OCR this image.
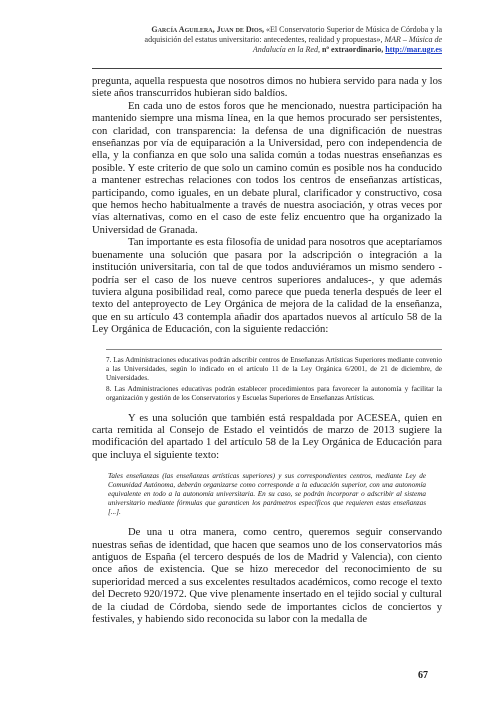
García Aguilera, Juan de Dios, «El Conservatorio Superior de Música de Córdoba y la adquisición del estatus universitario: antecedentes, realidad y propuestas», MAR – Música de Andalucía en la Red, nº extraordinario, http://mar.ugr.es

pregunta, aquella respuesta que nosotros dimos no hubiera servido para nada y los siete años transcurridos hubieran sido baldíos.

En cada uno de estos foros que he mencionado, nuestra participación ha mantenido siempre una misma línea, en la que hemos procurado ser persistentes, con claridad, con transparencia: la defensa de una dignificación de nuestras enseñanzas por vía de equiparación a la Universidad, pero con independencia de ella, y la confianza en que solo una salida común a todas nuestras enseñanzas es posible. Y este criterio de que solo un camino común es posible nos ha conducido a mantener estrechas relaciones con todos los centros de enseñanzas artísticas, participando, como iguales, en un debate plural, clarificador y constructivo, cosa que hemos hecho habitualmente a través de nuestra asociación, y otras veces por vías alternativas, como en el caso de este feliz encuentro que ha organizado la Universidad de Granada.

Tan importante es esta filosofía de unidad para nosotros que aceptaríamos buenamente una solución que pasara por la adscripción o integración a la institución universitaria, con tal de que todos anduviéramos un mismo sendero -podría ser el caso de los nueve centros superiores andaluces-, y que además tuviera alguna posibilidad real, como parece que pueda tenerla después de leer el texto del anteproyecto de Ley Orgánica de mejora de la calidad de la enseñanza, que en su artículo 43 contempla añadir dos apartados nuevos al artículo 58 de la Ley Orgánica de Educación, con la siguiente redacción:

7. Las Administraciones educativas podrán adscribir centros de Enseñanzas Artísticas Superiores mediante convenio a las Universidades, según lo indicado en el artículo 11 de la Ley Orgánica 6/2001, de 21 de diciembre, de Universidades.

8. Las Administraciones educativas podrán establecer procedimientos para favorecer la autonomía y facilitar la organización y gestión de los Conservatorios y Escuelas Superiores de Enseñanzas Artísticas.

Y es una solución que también está respaldada por ACESEA, quien en carta remitida al Consejo de Estado el veintidós de marzo de 2013 sugiere la modificación del apartado 1 del artículo 58 de la Ley Orgánica de Educación para que incluya el siguiente texto:

Tales enseñanzas (las enseñanzas artísticas superiores) y sus correspondientes centros, mediante Ley de Comunidad Autónoma, deberán organizarse como corresponde a la educación superior, con una autonomía equivalente en todo a la autonomía universitaria. En su caso, se podrán incorporar o adscribir al sistema universitario mediante fórmulas que garanticen los parámetros específicos que requieren estas enseñanzas [...].

De una u otra manera, como centro, queremos seguir conservando nuestras señas de identidad, que hacen que seamos uno de los conservatorios más antiguos de España (el tercero después de los de Madrid y Valencia), con ciento once años de existencia. Que se hizo merecedor del reconocimiento de su superioridad merced a sus excelentes resultados académicos, como recoge el texto del Decreto 920/1972. Que vive plenamente insertado en el tejido social y cultural de la ciudad de Córdoba, siendo sede de importantes ciclos de conciertos y festivales, y habiendo sido reconocida su labor con la medalla de

67
